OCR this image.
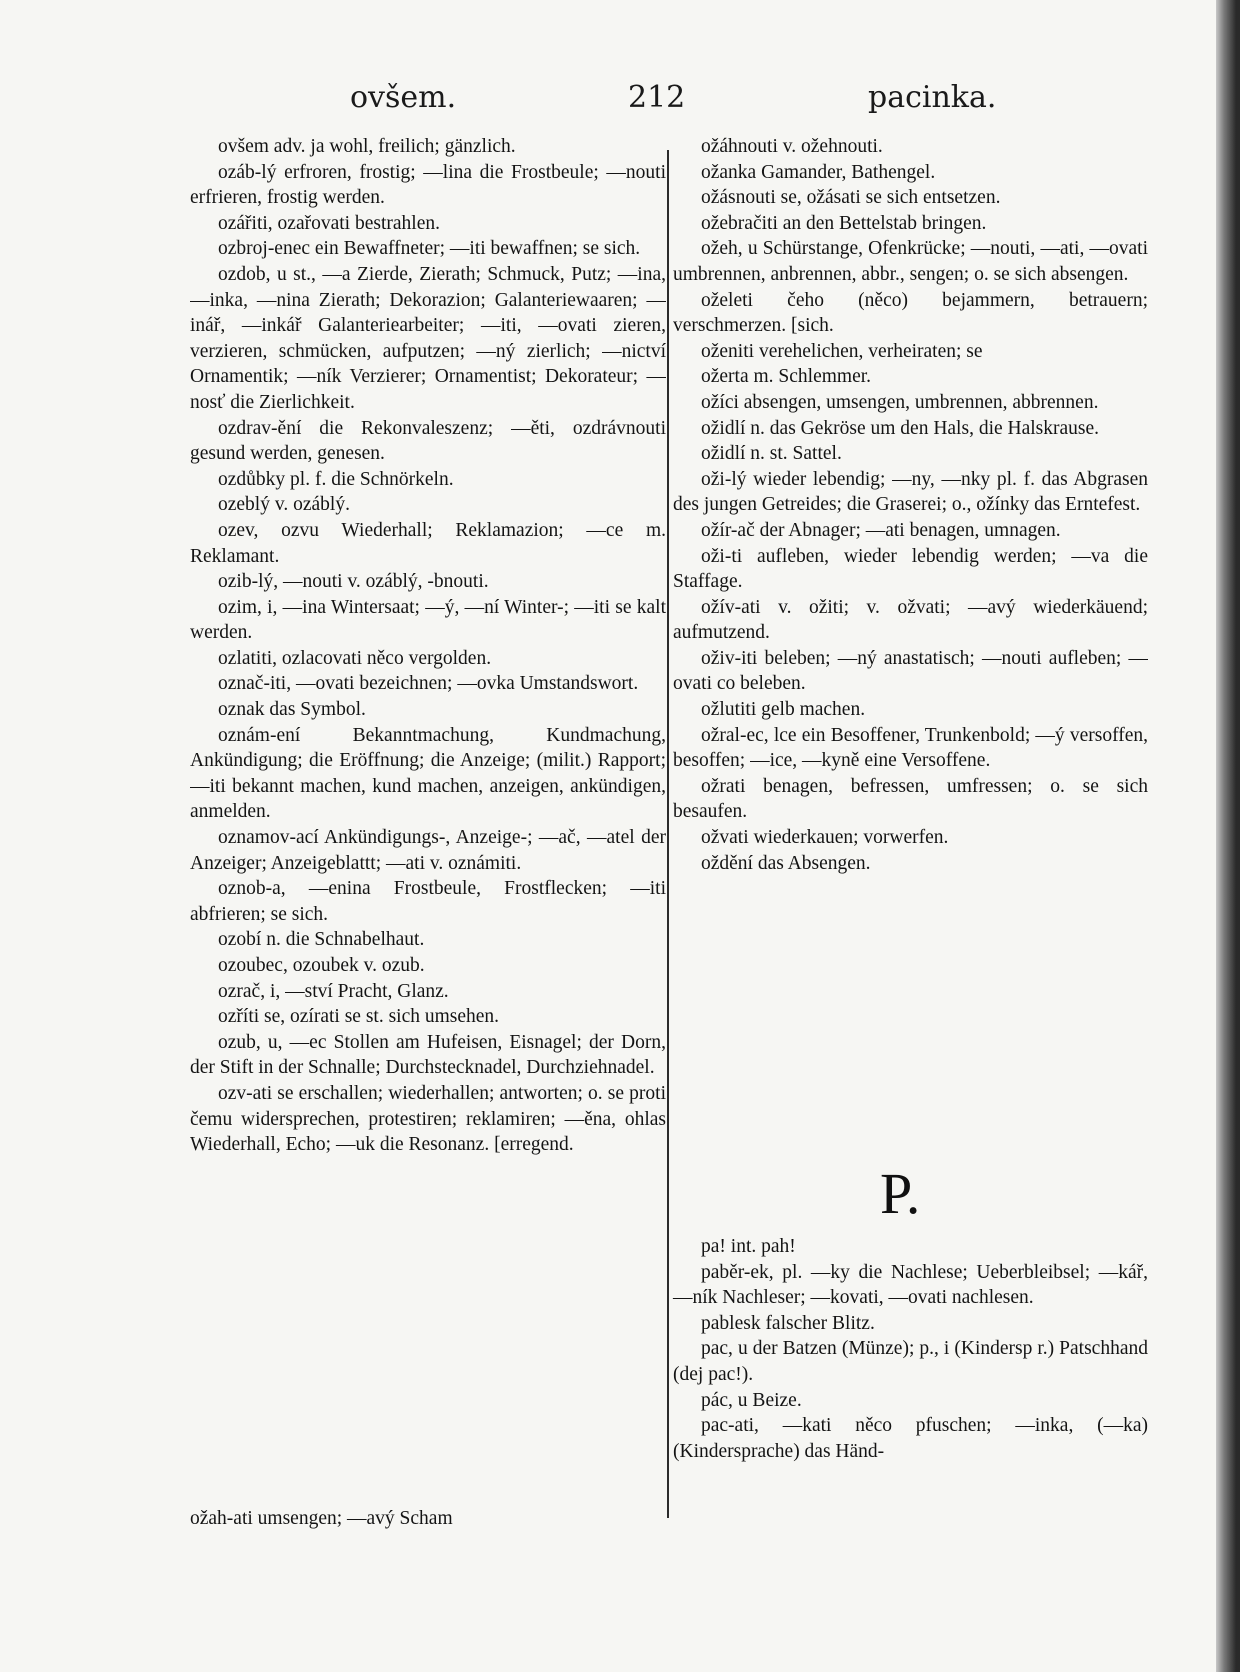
ovšem.	212	pacinka.

ovšem adv. ja wohl, freilich; gänzlich.

ozáb-lý erfroren, frostig; —lina die Frostbeule; —nouti erfrieren, frostig werden.

ozářiti, ozařovati bestrahlen.

ozbroj-enec ein Bewaffneter; —iti bewaffnen; se sich.

ozdob, u st., —a Zierde, Zierath; Schmuck, Putz; —ina, —inka, —nina Zierath; Dekorazion; Galanteriewaaren; —inář, —inkář Galanteriearbeiter; —iti, —ovati zieren, verzieren, schmücken, aufputzen; —ný zierlich; —nictví Ornamentik; —ník Verzierer; Ornamentist; Dekorateur; —nosť die Zierlichkeit.

ozdrav-ění die Rekonvaleszenz; —ěti, ozdrávnouti gesund werden, genesen.

ozdůbky pl. f. die Schnörkeln.

ozeblý v. ozáblý.

ozev, ozvu Wiederhall; Reklamazion; —ce m. Reklamant.

ozib-lý, —nouti v. ozáblý, -bnouti.

ozim, i, —ina Wintersaat; —ý, —ní Winter-; —iti se kalt werden.

ozlatiti, ozlacovati něco vergolden.

označ-iti, —ovati bezeichnen; —ovka Umstandswort.

oznak das Symbol.

oznám-ení Bekanntmachung, Kundmachung, Ankündigung; die Eröffnung; die Anzeige; (milit.) Rapport; —iti bekannt machen, kund machen, anzeigen, ankündigen, anmelden.

oznamov-ací Ankündigungs-, Anzeige-; —ač, —atel der Anzeiger; Anzeigeblattt; —ati v. oznámiti.

oznob-a, —enina Frostbeule, Frostflecken; —iti abfrieren; se sich.

ozobí n. die Schnabelhaut.

ozoubec, ozoubek v. ozub.

ozrač, i, —ství Pracht, Glanz.

ozříti se, ozírati se st. sich umsehen.

ozub, u, —ec Stollen am Hufeisen, Eisnagel; der Dorn, der Stift in der Schnalle; Durchstecknadel, Durchziehnadel.

ozv-ati se erschallen; wiederhallen; antworten; o. se proti čemu widersprechen, protestiren; reklamiren; —ěna, ohlas Wiederhall, Echo; —uk die Resonanz. [erregend.

ožah-ati umsengen; —avý Scham

ožáhnouti v. ožehnouti.

ožanka Gamander, Bathengel.

ožásnouti se, ožásati se sich entsetzen.

ožebračiti an den Bettelstab bringen.

ožeh, u Schürstange, Ofenkrücke; —nouti, —ati, —ovati umbrennen, anbrennen, abbr., sengen; o. se sich absengen.

oželeti čeho (něco) bejammern, betrauern; verschmerzen. [sich.

oženiti verehelichen, verheiraten; se

ožerta m. Schlemmer.

ožíci absengen, umsengen, umbrennen, abbrennen.

ožidlí n. das Gekröse um den Hals, die Halskrause.

ožidlí n. st. Sattel.

oži-lý wieder lebendig; —ny, —nky pl. f. das Abgrasen des jungen Getreides; die Graserei; o., ožínky das Erntefest.

ožír-ač der Abnager; —ati benagen, umnagen.

oži-ti aufleben, wieder lebendig werden; —va die Staffage.

ožív-ati v. ožiti; v. ožvati; —avý wiederkäuend; aufmutzend.

oživ-iti beleben; —ný anastatisch; —nouti aufleben; —ovati co beleben.

ožlutiti gelb machen.

ožral-ec, lce ein Besoffener, Trunkenbold; —ý versoffen, besoffen; —ice, —kyně eine Versoffene.

ožrati benagen, befressen, umfressen; o. se sich besaufen.

ožvati wiederkauen; vorwerfen.

oždění das Absengen.

P.

pa! int. pah!

paběr-ek, pl. —ky die Nachlese; Ueberbleibsel; —kář, —ník Nachleser; —kovati, —ovati nachlesen.

pablesk falscher Blitz.

pac, u der Batzen (Münze); p., i (Kindersp r.) Patschhand (dej pac!).

pác, u Beize.

pac-ati, —kati něco pfuschen; —inka, (—ka) (Kindersprache) das Händ-
